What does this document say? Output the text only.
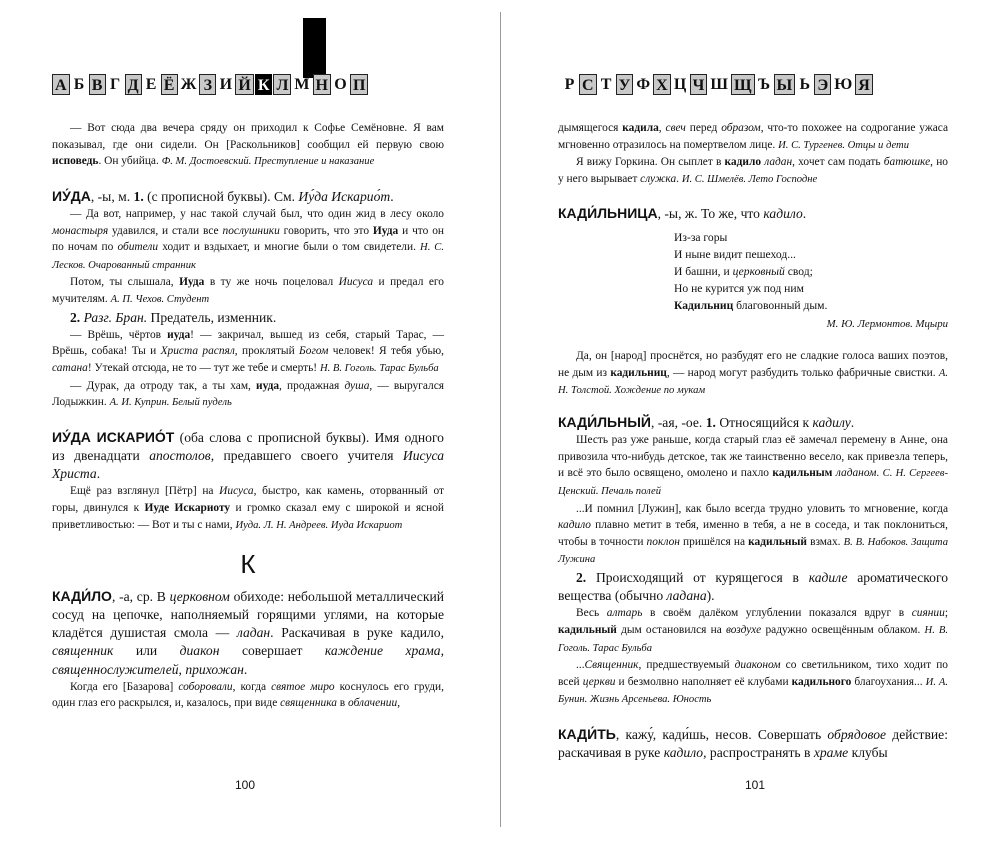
А Б В Г Д Е Ё Ж З И Й К Л М Н О П

— Вот сюда два вечера сряду он приходил к Софье Семёновне. Я вам показывал, где они сидели. Он [Раскольников] сообщил ей первую свою исповедь. Он убийца. Ф. М. Достоевский. Преступление и наказание

ИУ́ДА, -ы, м. 1. (с прописной буквы). См. Иу́да Искарио́т.

— Да вот, например, у нас такой случай был, что один жид в лесу около монастыря удавился, и стали все послушники говорить, что это Иуда и что он по ночам по обители ходит и вздыхает, и многие были о том свидетели. Н. С. Лесков. Очарованный странник

Потом, ты слышала, Иуда в ту же ночь поцеловал Иисуса и предал его мучителям. А. П. Чехов. Студент

2. Разг. Бран. Предатель, изменник.

— Врёшь, чёртов иуда! — закричал, вышед из себя, старый Тарас, — Врёшь, собака! Ты и Христа распял, проклятый Богом человек! Я тебя убью, сатана! Утекай отсюда, не то — тут же тебе и смерть! Н. В. Гоголь. Тарас Бульба

— Дурак, да отроду так, а ты хам, иуда, продажная душа, — выругался Лодыжкин. А. И. Куприн. Белый пудель

ИУ́ДА ИСКАРИО́Т (оба слова с прописной буквы). Имя одного из двенадцати апостолов, предавшего своего учителя Иисуса Христа.

Ещё раз взглянул [Пётр] на Иисуса, быстро, как камень, оторванный от горы, двинулся к Иуде Искариоту и громко сказал ему с широкой и ясной приветливостью: — Вот и ты с нами, Иуда. Л. Н. Андреев. Иуда Искариот

К

КАДИ́ЛО, -а, ср. В церковном обиходе: небольшой металлический сосуд на цепочке, наполняемый горящими углями, на которые кладётся душистая смола — ладан. Раскачивая в руке кадило, священник или диакон совершает каждение храма, священнослужителей, прихожан.

Когда его [Базарова] соборовали, когда святое миро коснулось его груди, один глаз его раскрылся, и, казалось, при виде священника в облачении,

100
Р С Т У Ф Х Ц Ч Ш Щ Ъ Ы Ь Э Ю Я

дымящегося кадила, свеч перед образом, что-то похожее на содрогание ужаса мгновенно отразилось на помертвелом лице. И. С. Тургенев. Отцы и дети

Я вижу Горкина. Он сыплет в кадило ладан, хочет сам подать батюшке, но у него вырывает служка. И. С. Шмелёв. Лето Господне

КАДИ́ЛЬНИЦА, -ы, ж. То же, что кадило.

Из-за горы
И ныне видит пешеход...
И башни, и церковный свод;
Но не курится уж под ним
Кадильниц благовонный дым.

М. Ю. Лермонтов. Мцыри

Да, он [народ] проснётся, но разбудят его не сладкие голоса ваших поэтов, не дым из кадильниц, — народ могут разбудить только фабричные свистки. А. Н. Толстой. Хождение по мукам

КАДИ́ЛЬНЫЙ, -ая, -ое. 1. Относящийся к кадилу.

Шесть раз уже раньше, когда старый глаз её замечал перемену в Анне, она привозила что-нибудь детское, так же таинственно весело, как привезла теперь, и всё это было освящено, омолено и пахло кадильным ладаном. С. Н. Сергеев-Ценский. Печаль полей

...И помнил [Лужин], как было всегда трудно уловить то мгновение, когда кадило плавно метит в тебя, именно в тебя, а не в соседа, и так поклониться, чтобы в точности поклон пришёлся на кадильный взмах. В. В. Набоков. Защита Лужина

2. Происходящий от курящегося в кадиле ароматического вещества (обычно ладана).

Весь алтарь в своём далёком углублении показался вдруг в сиянии; кадильный дым остановился на воздухе радужно освещённым облаком. Н. В. Гоголь. Тарас Бульба

...Священник, предшествуемый диаконом со светильником, тихо ходит по всей церкви и безмолвно наполняет её клубами кадильного благоухания... И. А. Бунин. Жизнь Арсеньева. Юность

КАДИ́ТЬ, кажу́, кади́шь, несов. Совершать обрядовое действие: раскачивая в руке кадило, распространять в храме клубы

101
